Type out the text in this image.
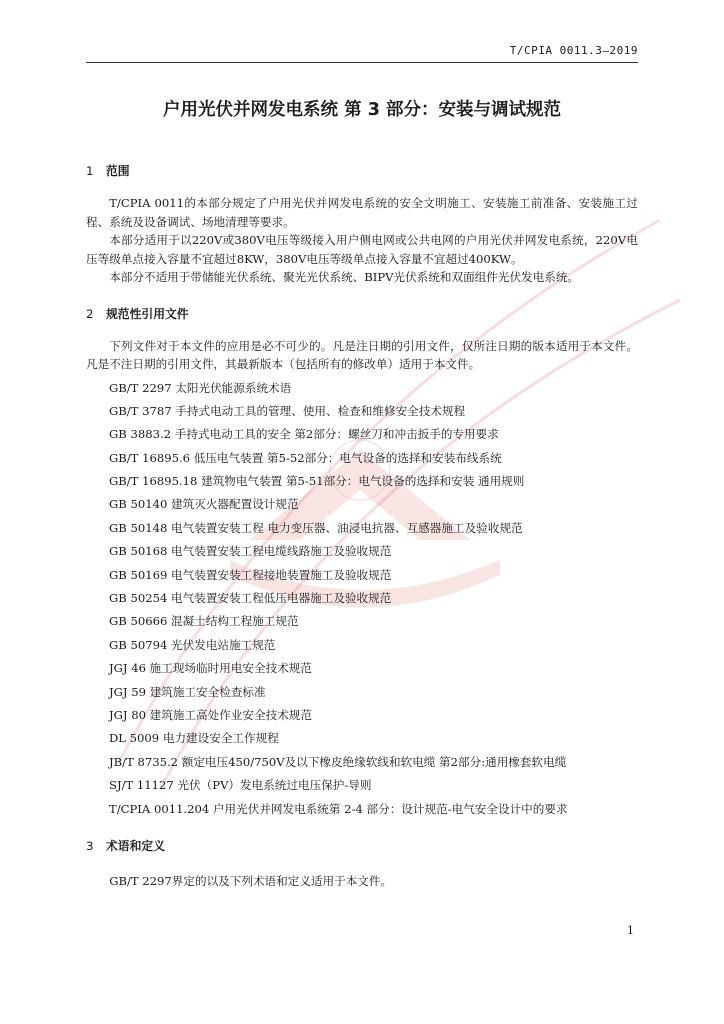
T/CPIA 0011.3—2019
户用光伏并网发电系统 第 3 部分：安装与调试规范
1	范围

T/CPIA 0011的本部分规定了户用光伏并网发电系统的安全文明施工、安装施工前准备、安装施工过程、系统及设备调试、场地清理等要求。

本部分适用于以220V或380V电压等级接入用户侧电网或公共电网的户用光伏并网发电系统，220V电压等级单点接入容量不宜超过8KW，380V电压等级单点接入容量不宜超过400KW。

本部分不适用于带储能光伏系统、聚光光伏系统、BIPV光伏系统和双面组件光伏发电系统。

2	规范性引用文件

下列文件对于本文件的应用是必不可少的。凡是注日期的引用文件，仅所注日期的版本适用于本文件。凡是不注日期的引用文件，其最新版本（包括所有的修改单）适用于本文件。

GB/T 2297 太阳光伏能源系统术语
GB/T 3787 手持式电动工具的管理、使用、检查和维修安全技术规程
GB 3883.2 手持式电动工具的安全 第2部分：螺丝刀和冲击扳手的专用要求
GB/T 16895.6 低压电气装置 第5-52部分：电气设备的选择和安装布线系统
GB/T 16895.18 建筑物电气装置 第5-51部分：电气设备的选择和安装 通用规则
GB 50140 建筑灭火器配置设计规范
GB 50148 电气装置安装工程 电力变压器、油浸电抗器、互感器施工及验收规范
GB 50168 电气装置安装工程电缆线路施工及验收规范
GB 50169 电气装置安装工程接地装置施工及验收规范
GB 50254 电气装置安装工程低压电器施工及验收规范
GB 50666 混凝土结构工程施工规范
GB 50794 光伏发电站施工规范
JGJ 46 施工现场临时用电安全技术规范
JGJ 59 建筑施工安全检查标准
JGJ 80 建筑施工高处作业安全技术规范
DL 5009 电力建设安全工作规程
JB/T 8735.2 额定电压450/750V及以下橡皮绝缘软线和软电缆 第2部分:通用橡套软电缆
SJ/T 11127 光伏（PV）发电系统过电压保护-导则
T/CPIA 0011.204 户用光伏并网发电系统第 2-4 部分：设计规范-电气安全设计中的要求
3	术语和定义

GB/T 2297界定的以及下列术语和定义适用于本文件。

1
